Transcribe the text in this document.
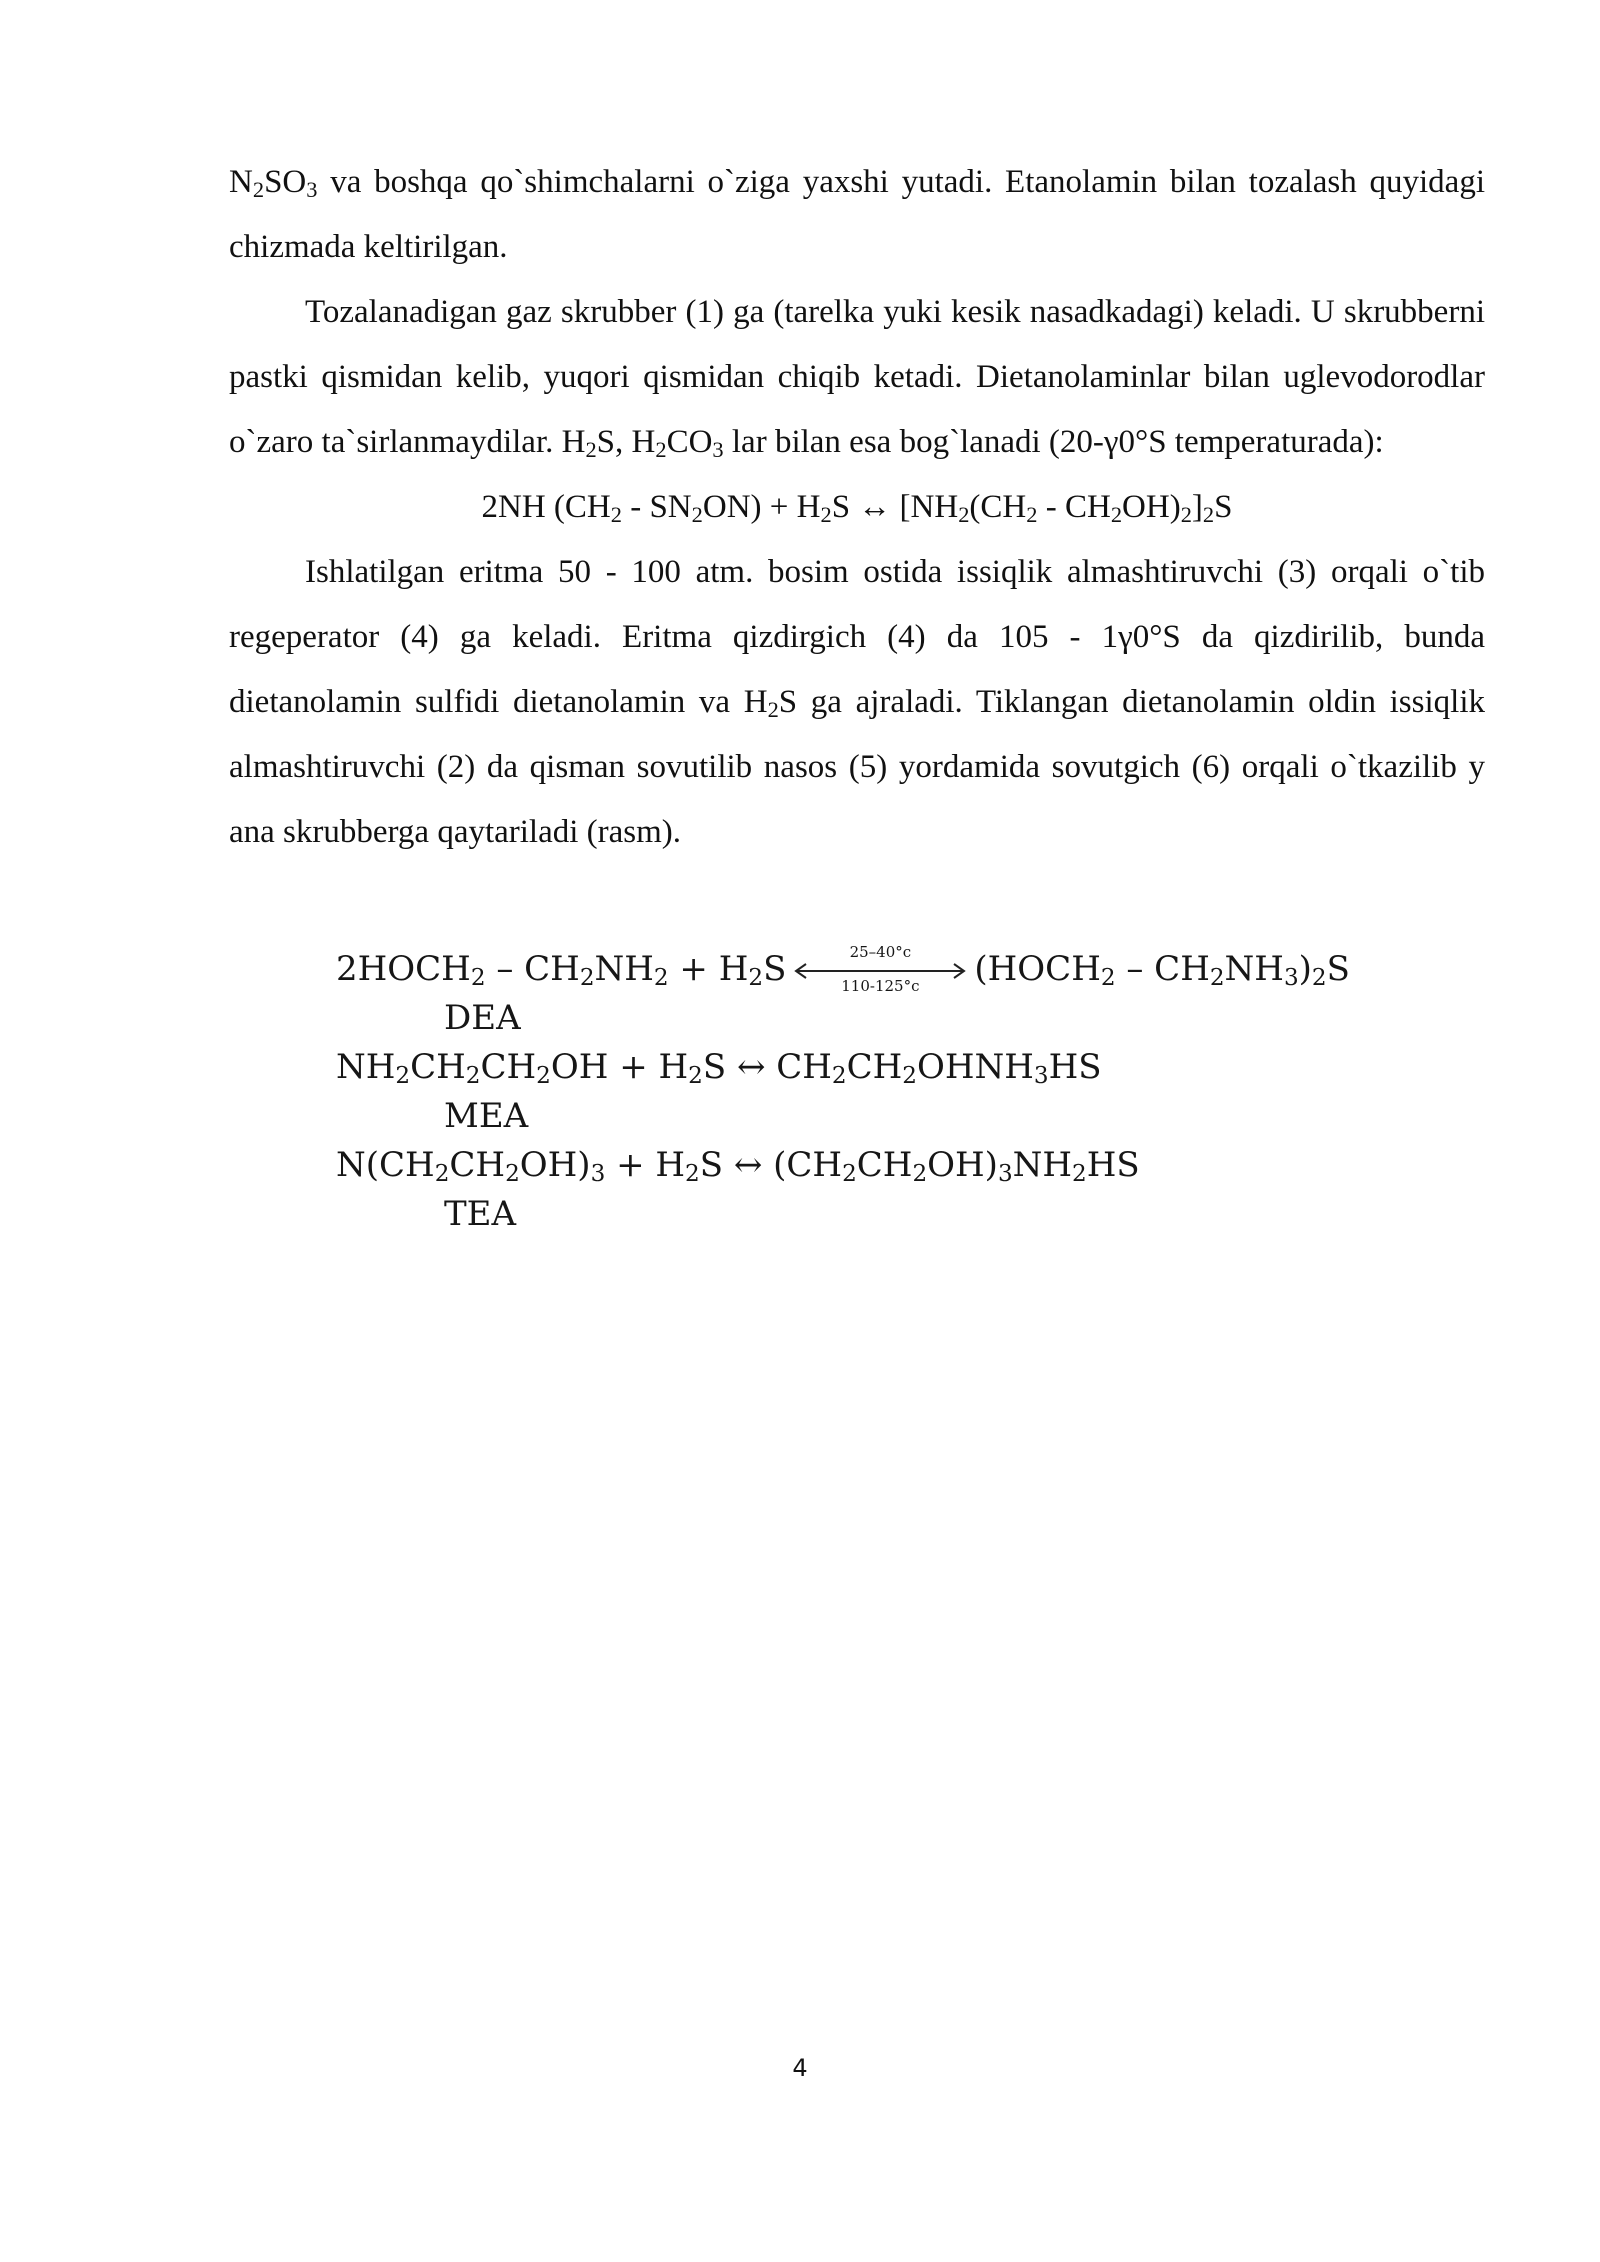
$N_2SO_3$ va boshqa qo`shimchalarni o`ziga yaxshi yutadi. Etanolamin bilan tozalash quyidagi chizmada keltirilgan.

Tozalanadigan gaz skrubber (1) ga (tarelka yuki kesik nasadkadagi) keladi. U skrubberni pastki qismidan kelib, yuqori qismidan chiqib ketadi. Dietanolaminlar bilan uglevodorodlar o`zaro ta`sirlanmaydilar. $H_2S$, $H_2CO_3$ lar bilan esa bog`lanadi (20-γ0°S temperaturada):

2NH $(CH_2 - SN_2ON) + H_2S$ ↔ $[NH_2(CH_2 - CH_2OH)_2]_2S$

Ishlatilgan eritma 50 - 100 atm. bosim ostida issiqlik almashtiruvchi (3) orqali o`tib regeperator (4) ga keladi. Eritma qizdirgich (4) da 105 - 1γ0°S da qizdirilib, bunda dietanolamin sulfidi dietanolamin va $H_2S$ ga ajraladi. Tiklangan dietanolamin oldin issiqlik almashtiruvchi (2) da qisman sovutilib nasos (5) yordamida sovutgich (6) orqali o`tkazilib y ana skrubberga qaytariladi (rasm).

$2HOCH_2 - CH_2NH_2 + H_2S$	25–40°c
110-125°c	$(HOCH_2 - CH_2NH_3)_2S$
DEA
$NH_2CH_2CH_2OH + H_2S$ ↔ $CH_2CH_2OHNH_3HS$
MEA
$N(CH_2CH_2OH)_3 + H_2S$ ↔ $(CH_2CH_2OH)_3NH_2HS$
TEA
4
